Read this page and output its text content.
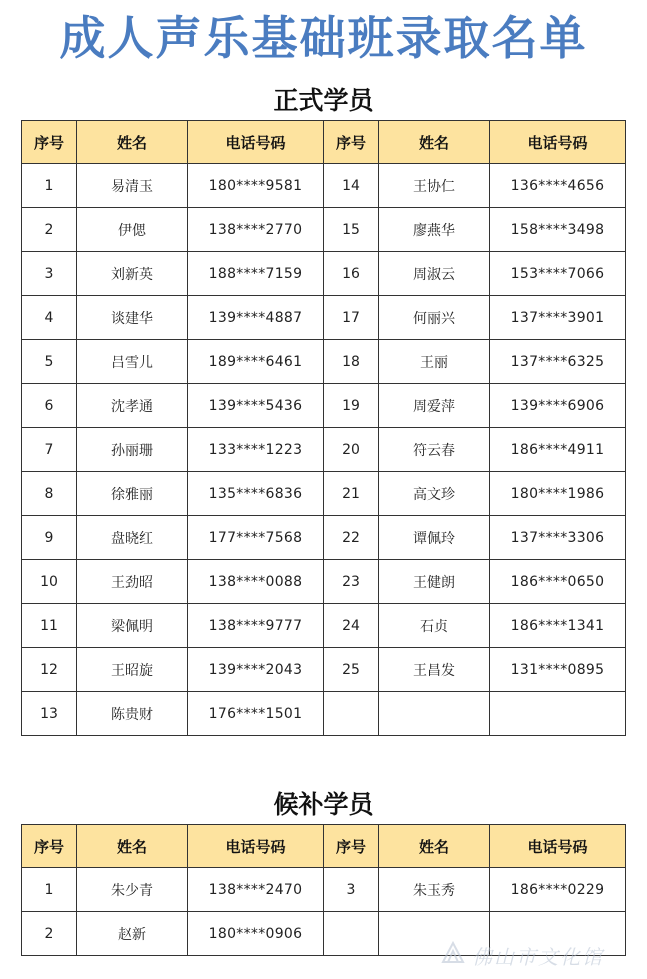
成人声乐基础班录取名单
正式学员
序号	姓名	电话号码	序号	姓名	电话号码
1	易清玉	180****9581	14	王协仁	136****4656
2	伊偲	138****2770	15	廖燕华	158****3498
3	刘新英	188****7159	16	周淑云	153****7066
4	谈建华	139****4887	17	何丽兴	137****3901
5	吕雪儿	189****6461	18	王丽	137****6325
6	沈孝通	139****5436	19	周爱萍	139****6906
7	孙丽珊	133****1223	20	符云春	186****4911
8	徐雅丽	135****6836	21	高文珍	180****1986
9	盘晓红	177****7568	22	谭佩玲	137****3306
10	王劲昭	138****0088	23	王健朗	186****0650
11	梁佩明	138****9777	24	石贞	186****1341
12	王昭旋	139****2043	25	王昌发	131****0895
13	陈贵财	176****1501			
候补学员
序号	姓名	电话号码	序号	姓名	电话号码
1	朱少青	138****2470	3	朱玉秀	186****0229
2	赵新	180****0906			
佛山市文化馆
